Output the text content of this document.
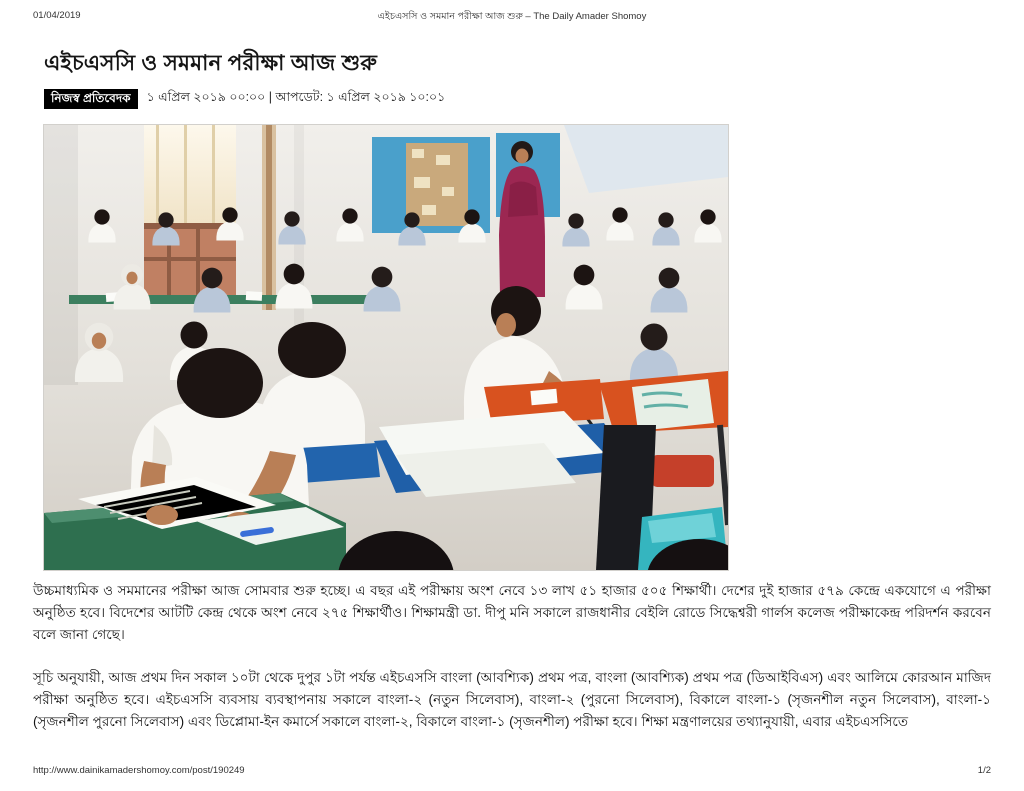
01/04/2019	এইচএসসি ও সমমান পরীক্ষা আজ শুরু – The Daily Amader Shomoy
এইচএসসি ও সমমান পরীক্ষা আজ শুরু
নিজস্ব প্রতিবেদক	১ এপ্রিল ২০১৯ ০০:০০ | আপডেট: ১ এপ্রিল ২০১৯ ১০:০১

উচ্চমাধ্যমিক ও সমমানের পরীক্ষা আজ সোমবার শুরু হচ্ছে। এ বছর এই পরীক্ষায় অংশ নেবে ১৩ লাখ ৫১ হাজার ৫০৫ শিক্ষার্থী। দেশের দুই হাজার ৫৭৯ কেন্দ্রে একযোগে এ পরীক্ষা অনুষ্ঠিত হবে। বিদেশের আটটি কেন্দ্র থেকে অংশ নেবে ২৭৫ শিক্ষার্থীও। শিক্ষামন্ত্রী ডা. দীপু মনি সকালে রাজধানীর বেইলি রোডে সিদ্ধেশ্বরী গার্লস কলেজ পরীক্ষাকেন্দ্র পরিদর্শন করবেন বলে জানা গেছে।

সূচি অনুযায়ী, আজ প্রথম দিন সকাল ১০টা থেকে দুপুর ১টা পর্যন্ত এইচএসসি বাংলা (আবশ্যিক) প্রথম পত্র, বাংলা (আবশ্যিক) প্রথম পত্র (ডিআইবিএস) এবং আলিমে কোরআন মাজিদ পরীক্ষা অনুষ্ঠিত হবে। এইচএসসি ব্যবসায় ব্যবস্থাপনায় সকালে বাংলা-২ (নতুন সিলেবাস), বাংলা-২ (পুরনো সিলেবাস), বিকালে বাংলা-১ (সৃজনশীল নতুন সিলেবাস), বাংলা-১ (সৃজনশীল পুরনো সিলেবাস) এবং ডিপ্লোমা-ইন কমার্সে সকালে বাংলা-২, বিকালে বাংলা-১ (সৃজনশীল) পরীক্ষা হবে। শিক্ষা মন্ত্রণালয়ের তথ্যানুযায়ী, এবার এইচএসসিতে

http://www.dainikamadershomoy.com/post/190249	1/2
